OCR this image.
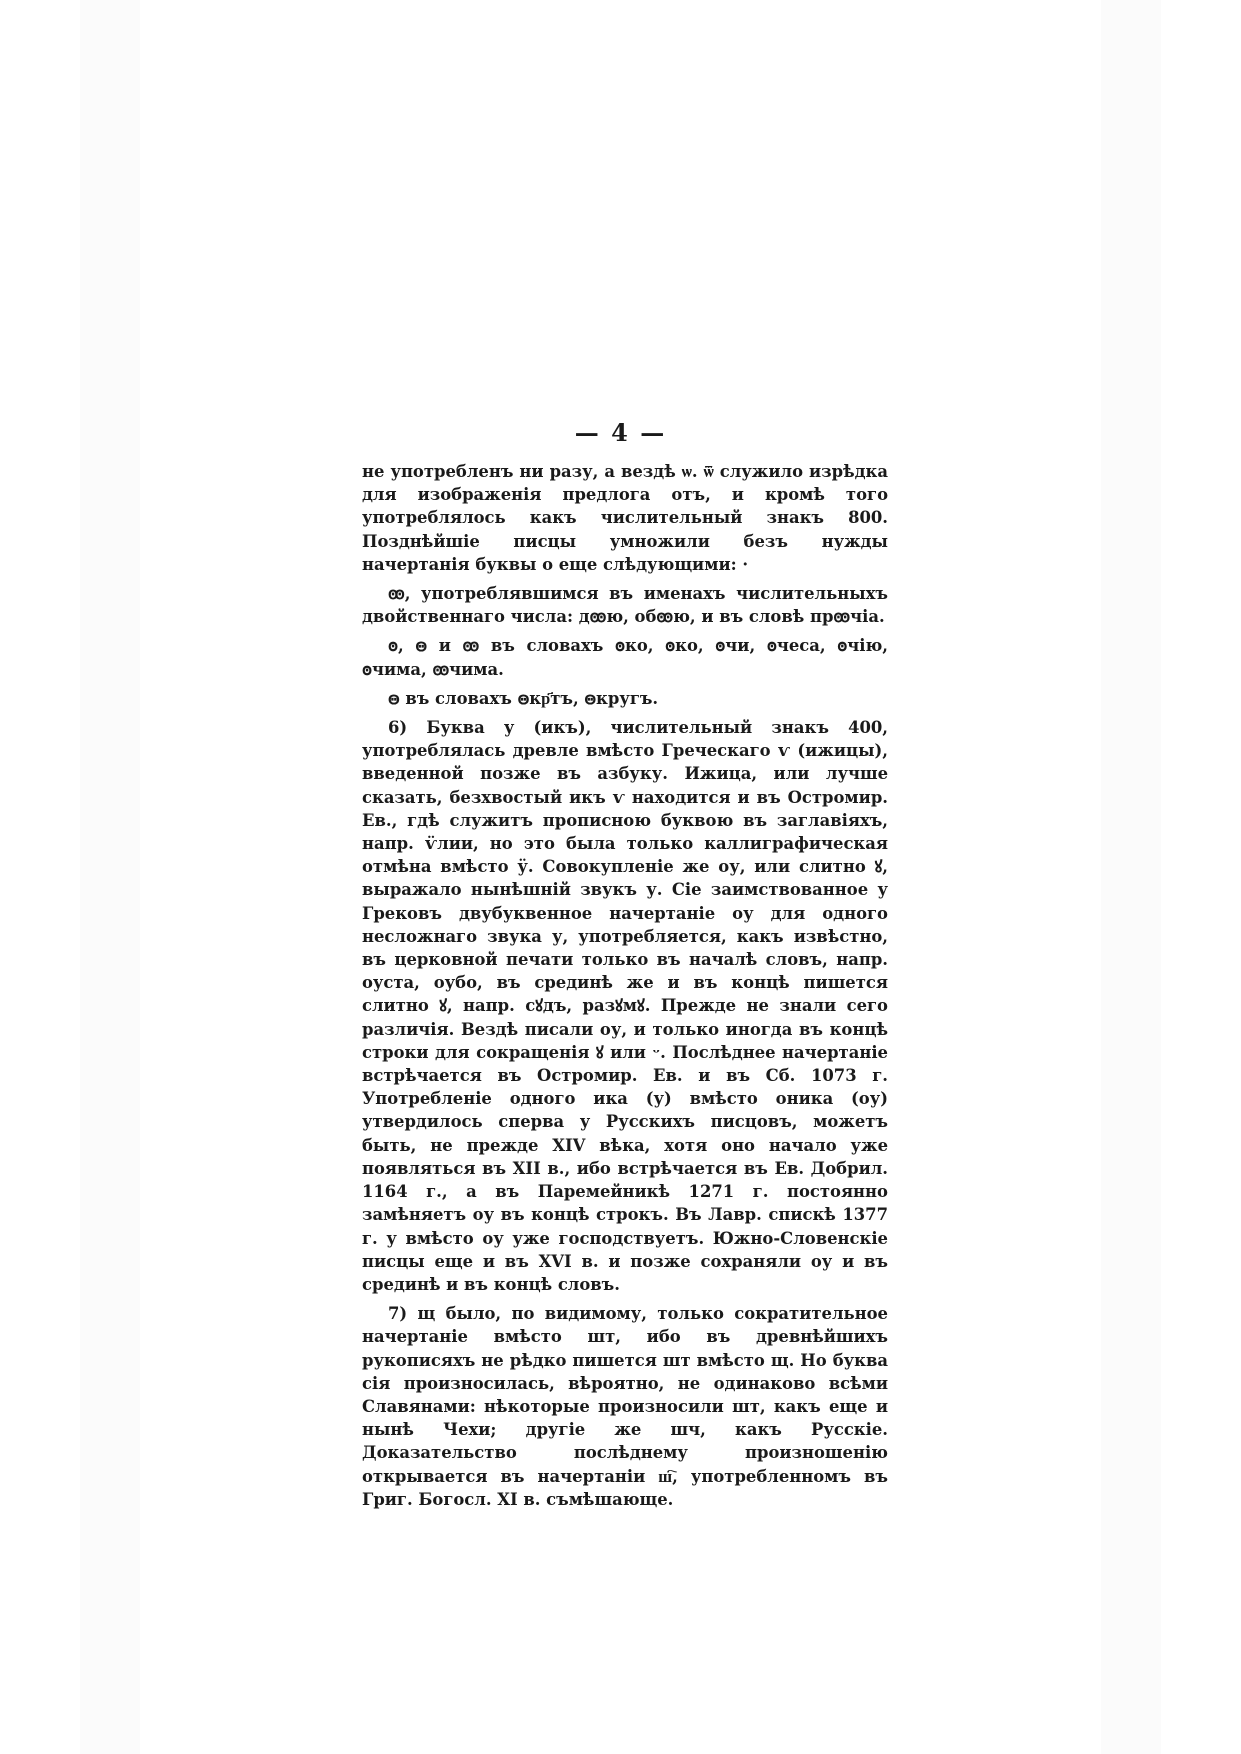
— 4 —

не употребленъ ни разу, а вездѣ ѡ. ѿ служило изрѣдка для изображенія предлога отъ, и кромѣ того употреблялось какъ числительный знакъ 800. Позднѣйшіе писцы умножили безъ нужды начертанія буквы о еще слѣдующими: ·

ꙭ, употреблявшимся въ именахъ числительныхъ двойственнаго числа: дꙭю, обꙭю, и въ словѣ прꙭчіа.

ꙩ, ꙫ и ꙭ въ словахъ ꙩко, ꙩко, ꙩчи, ꙩчеса, ꙩчію, ꙩчима, ꙭчима.

ꙫ въ словахъ ꙫкр҃тъ, ꙫкругъ.

6) Буква у (икъ), числительный знакъ 400, употреблялась древле вмѣсто Греческаго ѵ (ижицы), введенной позже въ азбуку. Ижица, или лучше сказать, безхвостый икъ ѵ находится и въ Остромир. Ев., гдѣ служитъ прописною буквою въ заглавіяхъ, напр. ѵ̈лии, но это была только каллиграфическая отмѣна вмѣсто ӱ. Совокупленіе же оу, или слитно ꙋ, выражало нынѣшній звукъ у. Сіе заимствованное у Грековъ двубуквенное начертаніе оу для одного несложнаго звука у, употребляется, какъ извѣстно, въ церковной печати только въ началѣ словъ, напр. оуста, оубо, въ срединѣ же и въ концѣ пишется слитно ꙋ, напр. сꙋдъ, разꙋмꙋ. Прежде не знали сего различія. Вездѣ писали оу, и только иногда въ концѣ строки для сокращенія ꙋ или ᵕ. Послѣднее начертаніе встрѣчается въ Остромир. Ев. и въ Сб. 1073 г. Употребленіе одного ика (у) вмѣсто оника (оу) утвердилось сперва у Русскихъ писцовъ, можетъ быть, не прежде XIV вѣка, хотя оно начало уже появляться въ XII в., ибо встрѣчается въ Ев. Добрил. 1164 г., а въ Паремейникѣ 1271 г. постоянно замѣняетъ оу въ концѣ строкъ. Въ Лавр. спискѣ 1377 г. у вмѣсто оу уже господствуетъ. Южно-Словенскіе писцы еще и въ XVI в. и позже сохраняли оу и въ срединѣ и въ концѣ словъ.

7) щ было, по видимому, только сократительное начертаніе вмѣсто шт, ибо въ древнѣйшихъ рукописяхъ не рѣдко пишется шт вмѣсто щ. Но буква сія произносилась, вѣроятно, не одинаково всѣми Славянами: нѣкоторые произносили шт, какъ еще и нынѣ Чехи; другіе же шч, какъ Русскіе. Доказательство послѣднему произношенію открывается въ начертаніи ш҇, употребленномъ въ Григ. Богосл. XI в. съмѣшающе.
